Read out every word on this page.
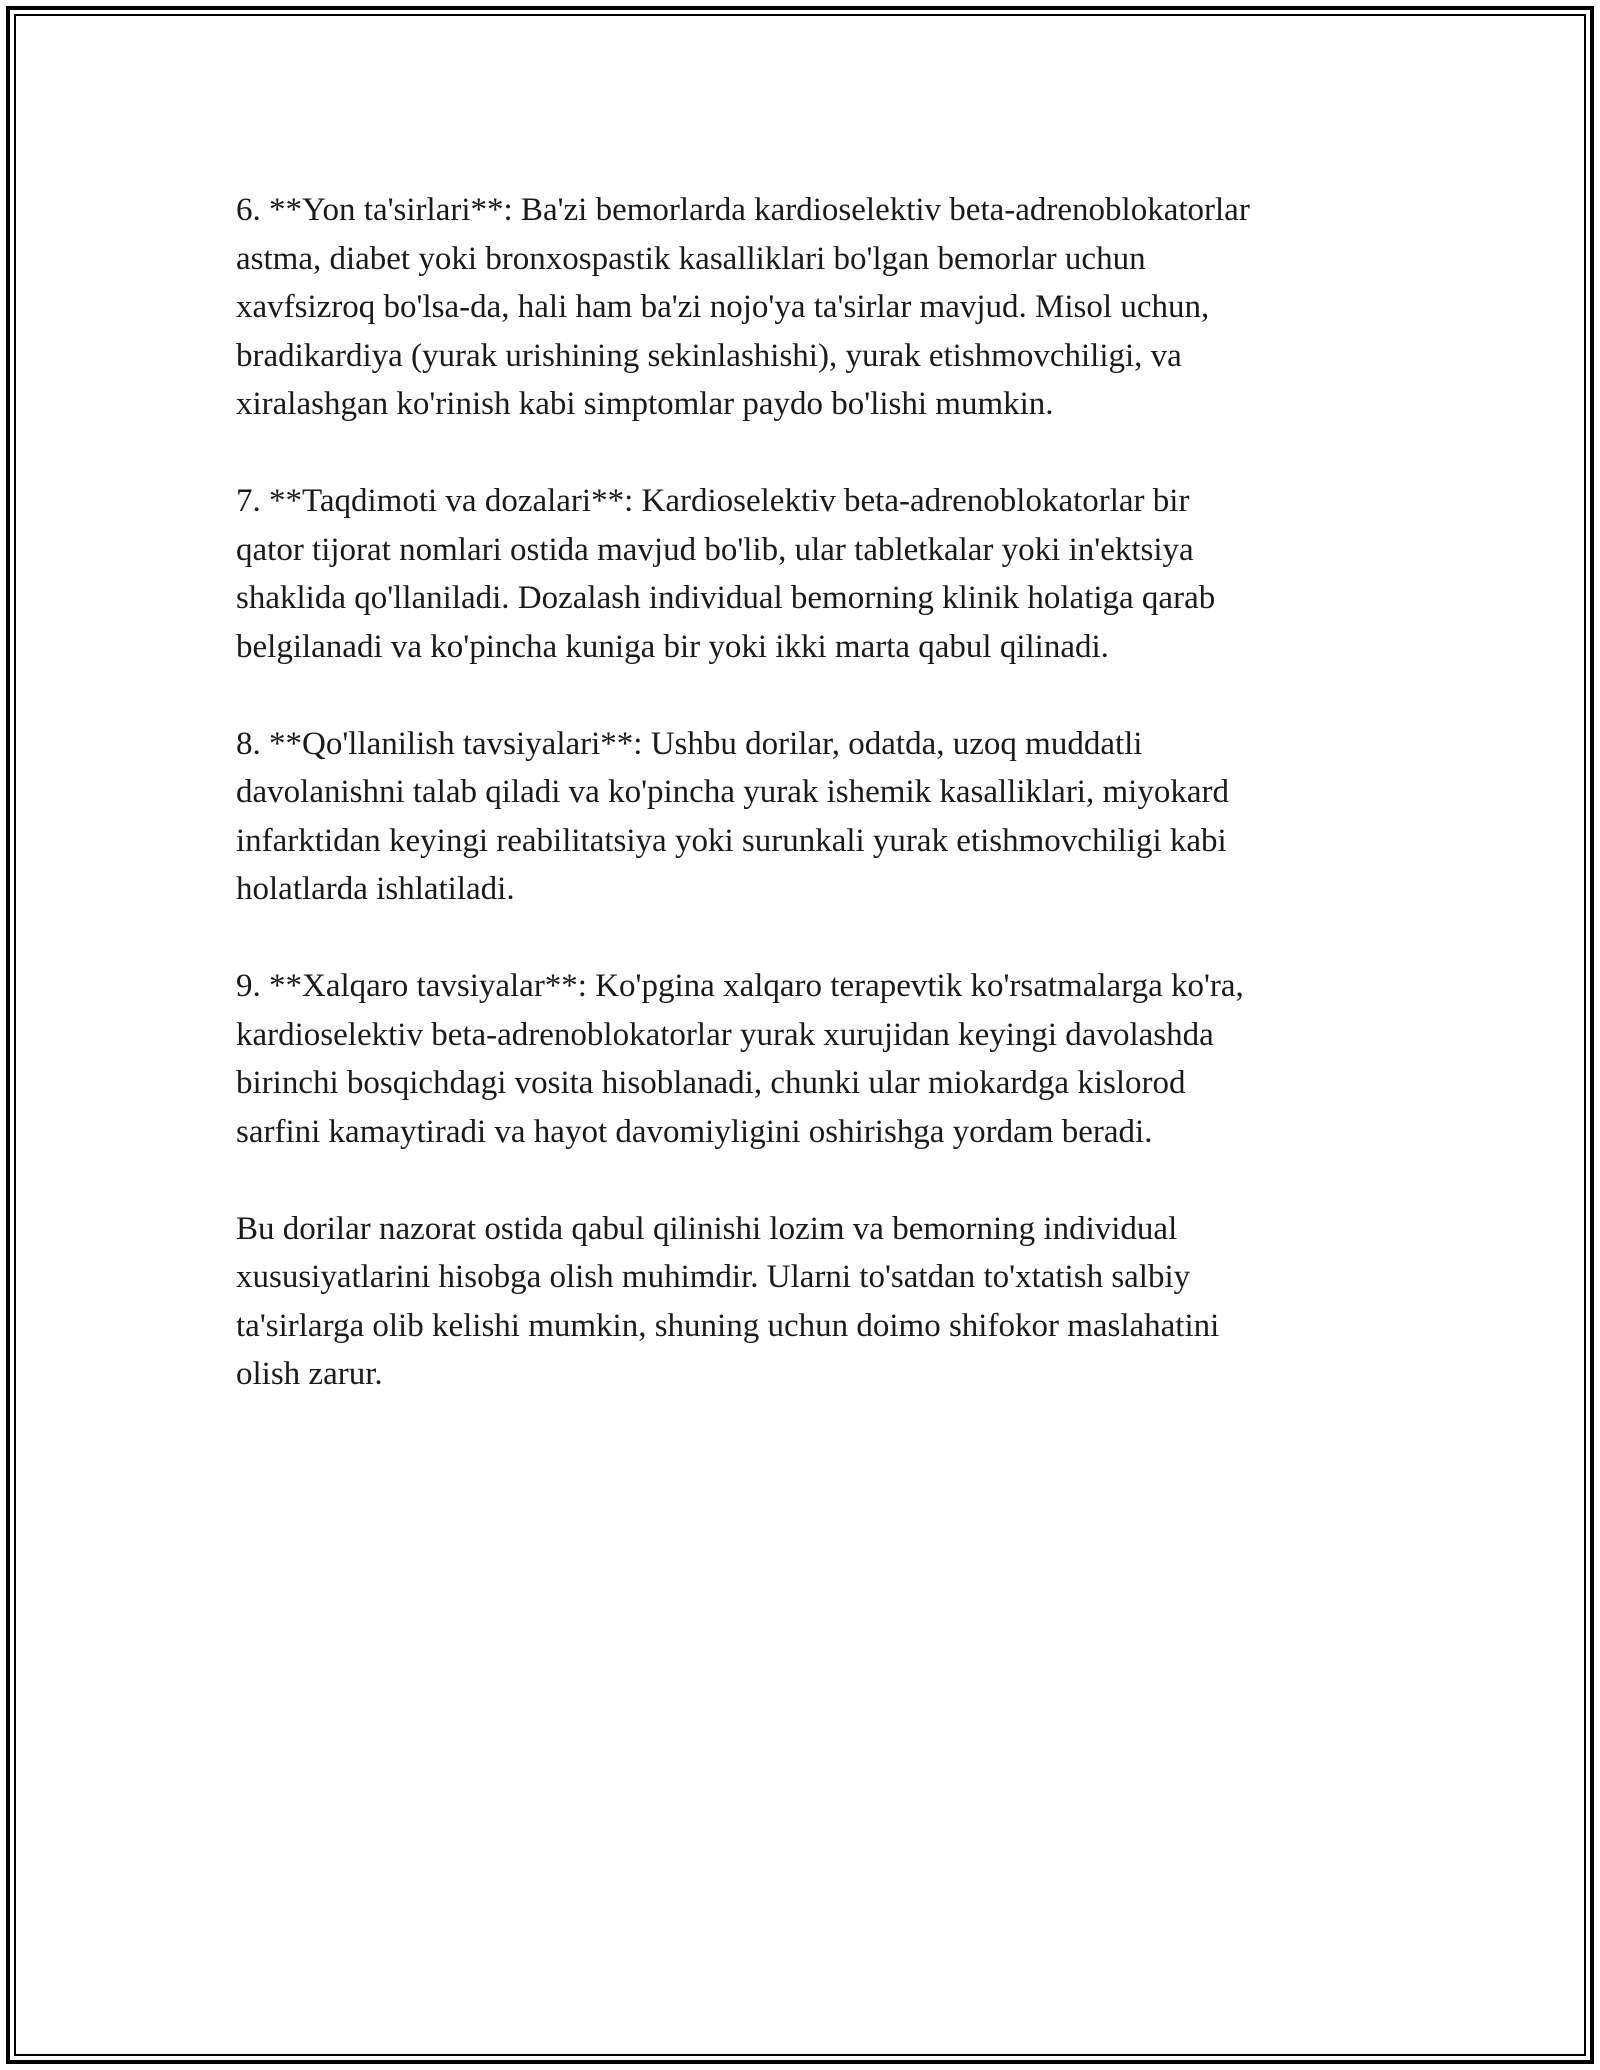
6. **Yon ta'sirlari**: Ba'zi bemorlarda kardioselektiv beta-adrenoblokatorlar
astma, diabet yoki bronxospastik kasalliklari bo'lgan bemorlar uchun
xavfsizroq bo'lsa-da, hali ham ba'zi nojo'ya ta'sirlar mavjud. Misol uchun,
bradikardiya (yurak urishining sekinlashishi), yurak etishmovchiligi, va
xiralashgan ko'rinish kabi simptomlar paydo bo'lishi mumkin.

7. **Taqdimoti va dozalari**: Kardioselektiv beta-adrenoblokatorlar bir
qator tijorat nomlari ostida mavjud bo'lib, ular tabletkalar yoki in'ektsiya
shaklida qo'llaniladi. Dozalash individual bemorning klinik holatiga qarab
belgilanadi va ko'pincha kuniga bir yoki ikki marta qabul qilinadi.

8. **Qo'llanilish tavsiyalari**: Ushbu dorilar, odatda, uzoq muddatli
davolanishni talab qiladi va ko'pincha yurak ishemik kasalliklari, miyokard
infarktidan keyingi reabilitatsiya yoki surunkali yurak etishmovchiligi kabi
holatlarda ishlatiladi.

9. **Xalqaro tavsiyalar**: Ko'pgina xalqaro terapevtik ko'rsatmalarga ko'ra,
kardioselektiv beta-adrenoblokatorlar yurak xurujidan keyingi davolashda
birinchi bosqichdagi vosita hisoblanadi, chunki ular miokardga kislorod
sarfini kamaytiradi va hayot davomiyligini oshirishga yordam beradi.

Bu dorilar nazorat ostida qabul qilinishi lozim va bemorning individual
xususiyatlarini hisobga olish muhimdir. Ularni to'satdan to'xtatish salbiy
ta'sirlarga olib kelishi mumkin, shuning uchun doimo shifokor maslahatini
olish zarur.
